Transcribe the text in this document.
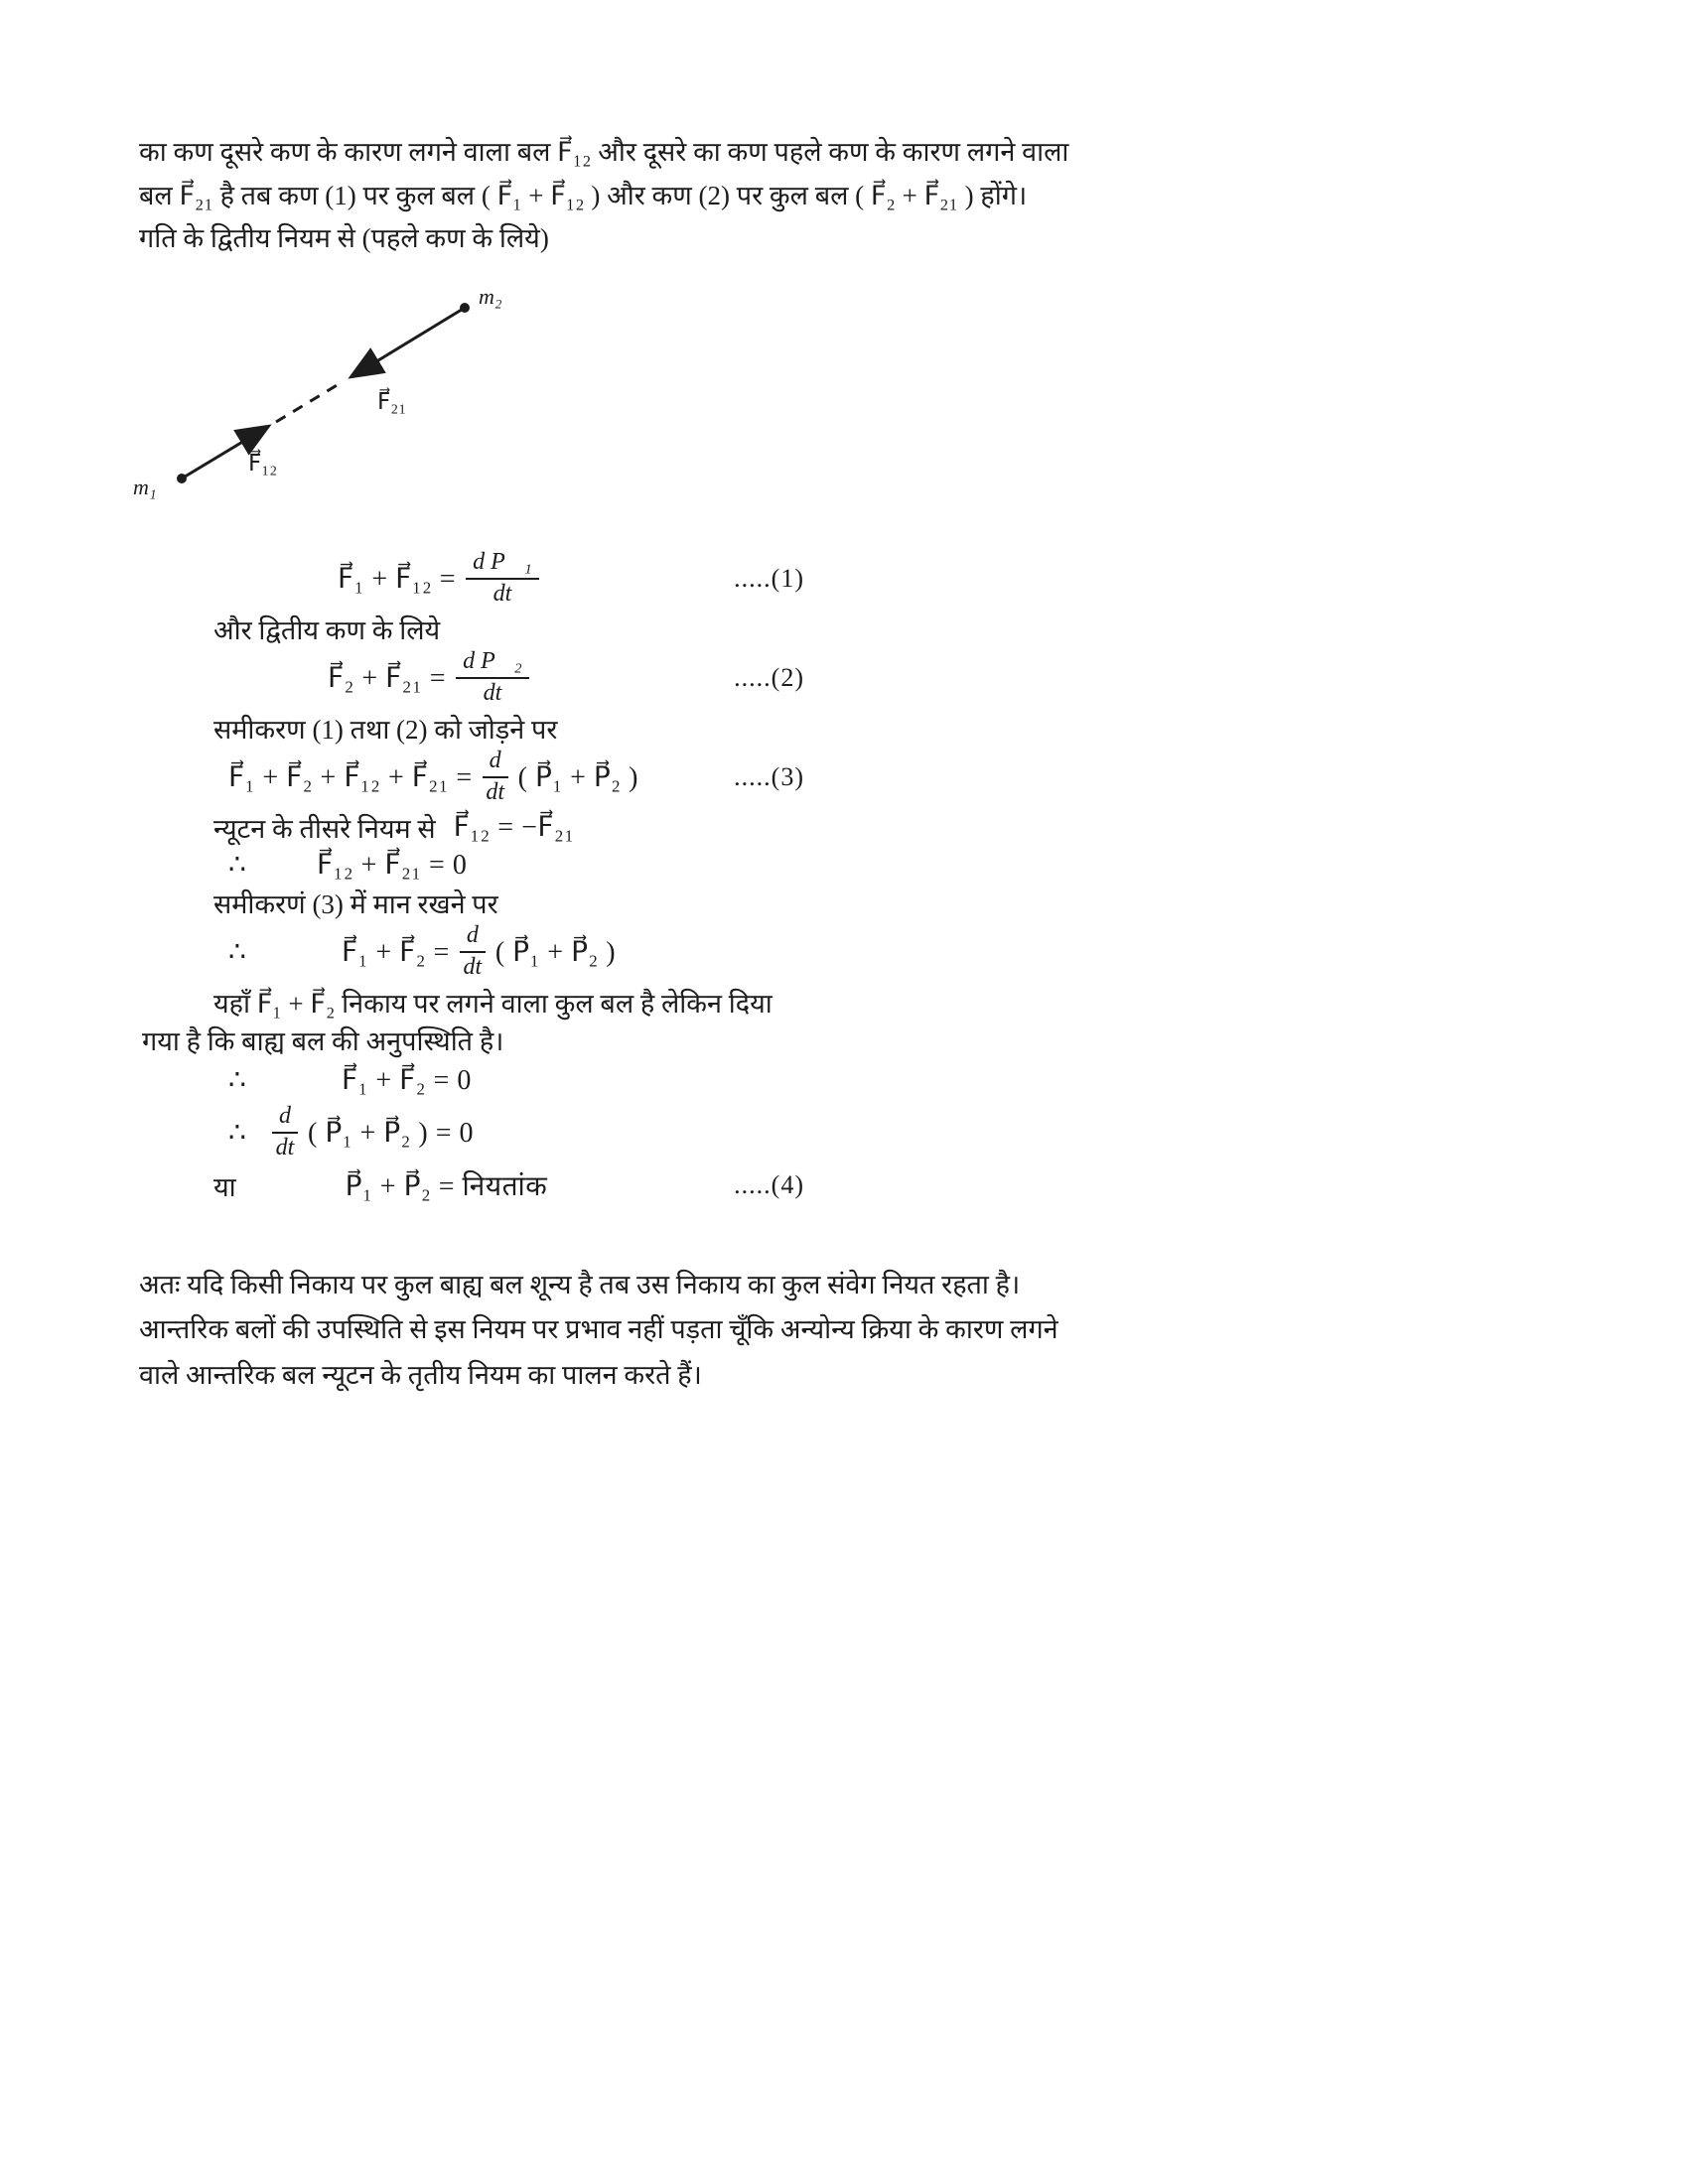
का कण दूसरे कण के कारण लगने वाला बल F⃗₁₂ और दूसरे का कण पहले कण के कारण लगने वाला
बल F⃗₂₁ है तब कण (1) पर कुल बल ( F⃗₁ + F⃗₁₂ ) और कण (2) पर कुल बल ( F⃗₂ + F⃗₂₁ ) होंगे।
गति के द्वितीय नियम से (पहले कण के लिये)
m₁
m₂
F⃗₁₂
F⃗₂₁
F⃗₁ + F⃗₁₂ = $\frac{\text{d P⃗₁}}{dt}$	.....(1)
और द्वितीय कण के लिये
F⃗₂ + F⃗₂₁ = $\frac{\text{d P⃗₂}}{dt}$	.....(2)
समीकरण (1) तथा (2) को जोड़ने पर
F⃗₁ + F⃗₂ + F⃗₁₂ + F⃗₂₁ = $\frac{d}{dt}$ ( P⃗₁ + P⃗₂ )	.....(3)
न्यूटन के तीसरे नियम से F⃗₁₂ = −F⃗₂₁
∴	F⃗₁₂ + F⃗₂₁ = 0
समीकरणं (3) में मान रखने पर
∴	F⃗₁ + F⃗₂ = $\frac{d}{dt}$ ( P⃗₁ + P⃗₂ )
यहाँ F⃗₁ + F⃗₂ निकाय पर लगने वाला कुल बल है लेकिन दिया
गया है कि बाह्य बल की अनुपस्थिति है।
∴	F⃗₁ + F⃗₂ = 0
∴	$\frac{d}{dt}$ ( P⃗₁ + P⃗₂ ) = 0
या	P⃗₁ + P⃗₂ = नियतांक	.....(4)
अतः यदि किसी निकाय पर कुल बाह्य बल शून्य है तब उस निकाय का कुल संवेग नियत रहता है।
आन्तरिक बलों की उपस्थिति से इस नियम पर प्रभाव नहीं पड़ता चूँकि अन्योन्य क्रिया के कारण लगने
वाले आन्तरिक बल न्यूटन के तृतीय नियम का पालन करते हैं।
